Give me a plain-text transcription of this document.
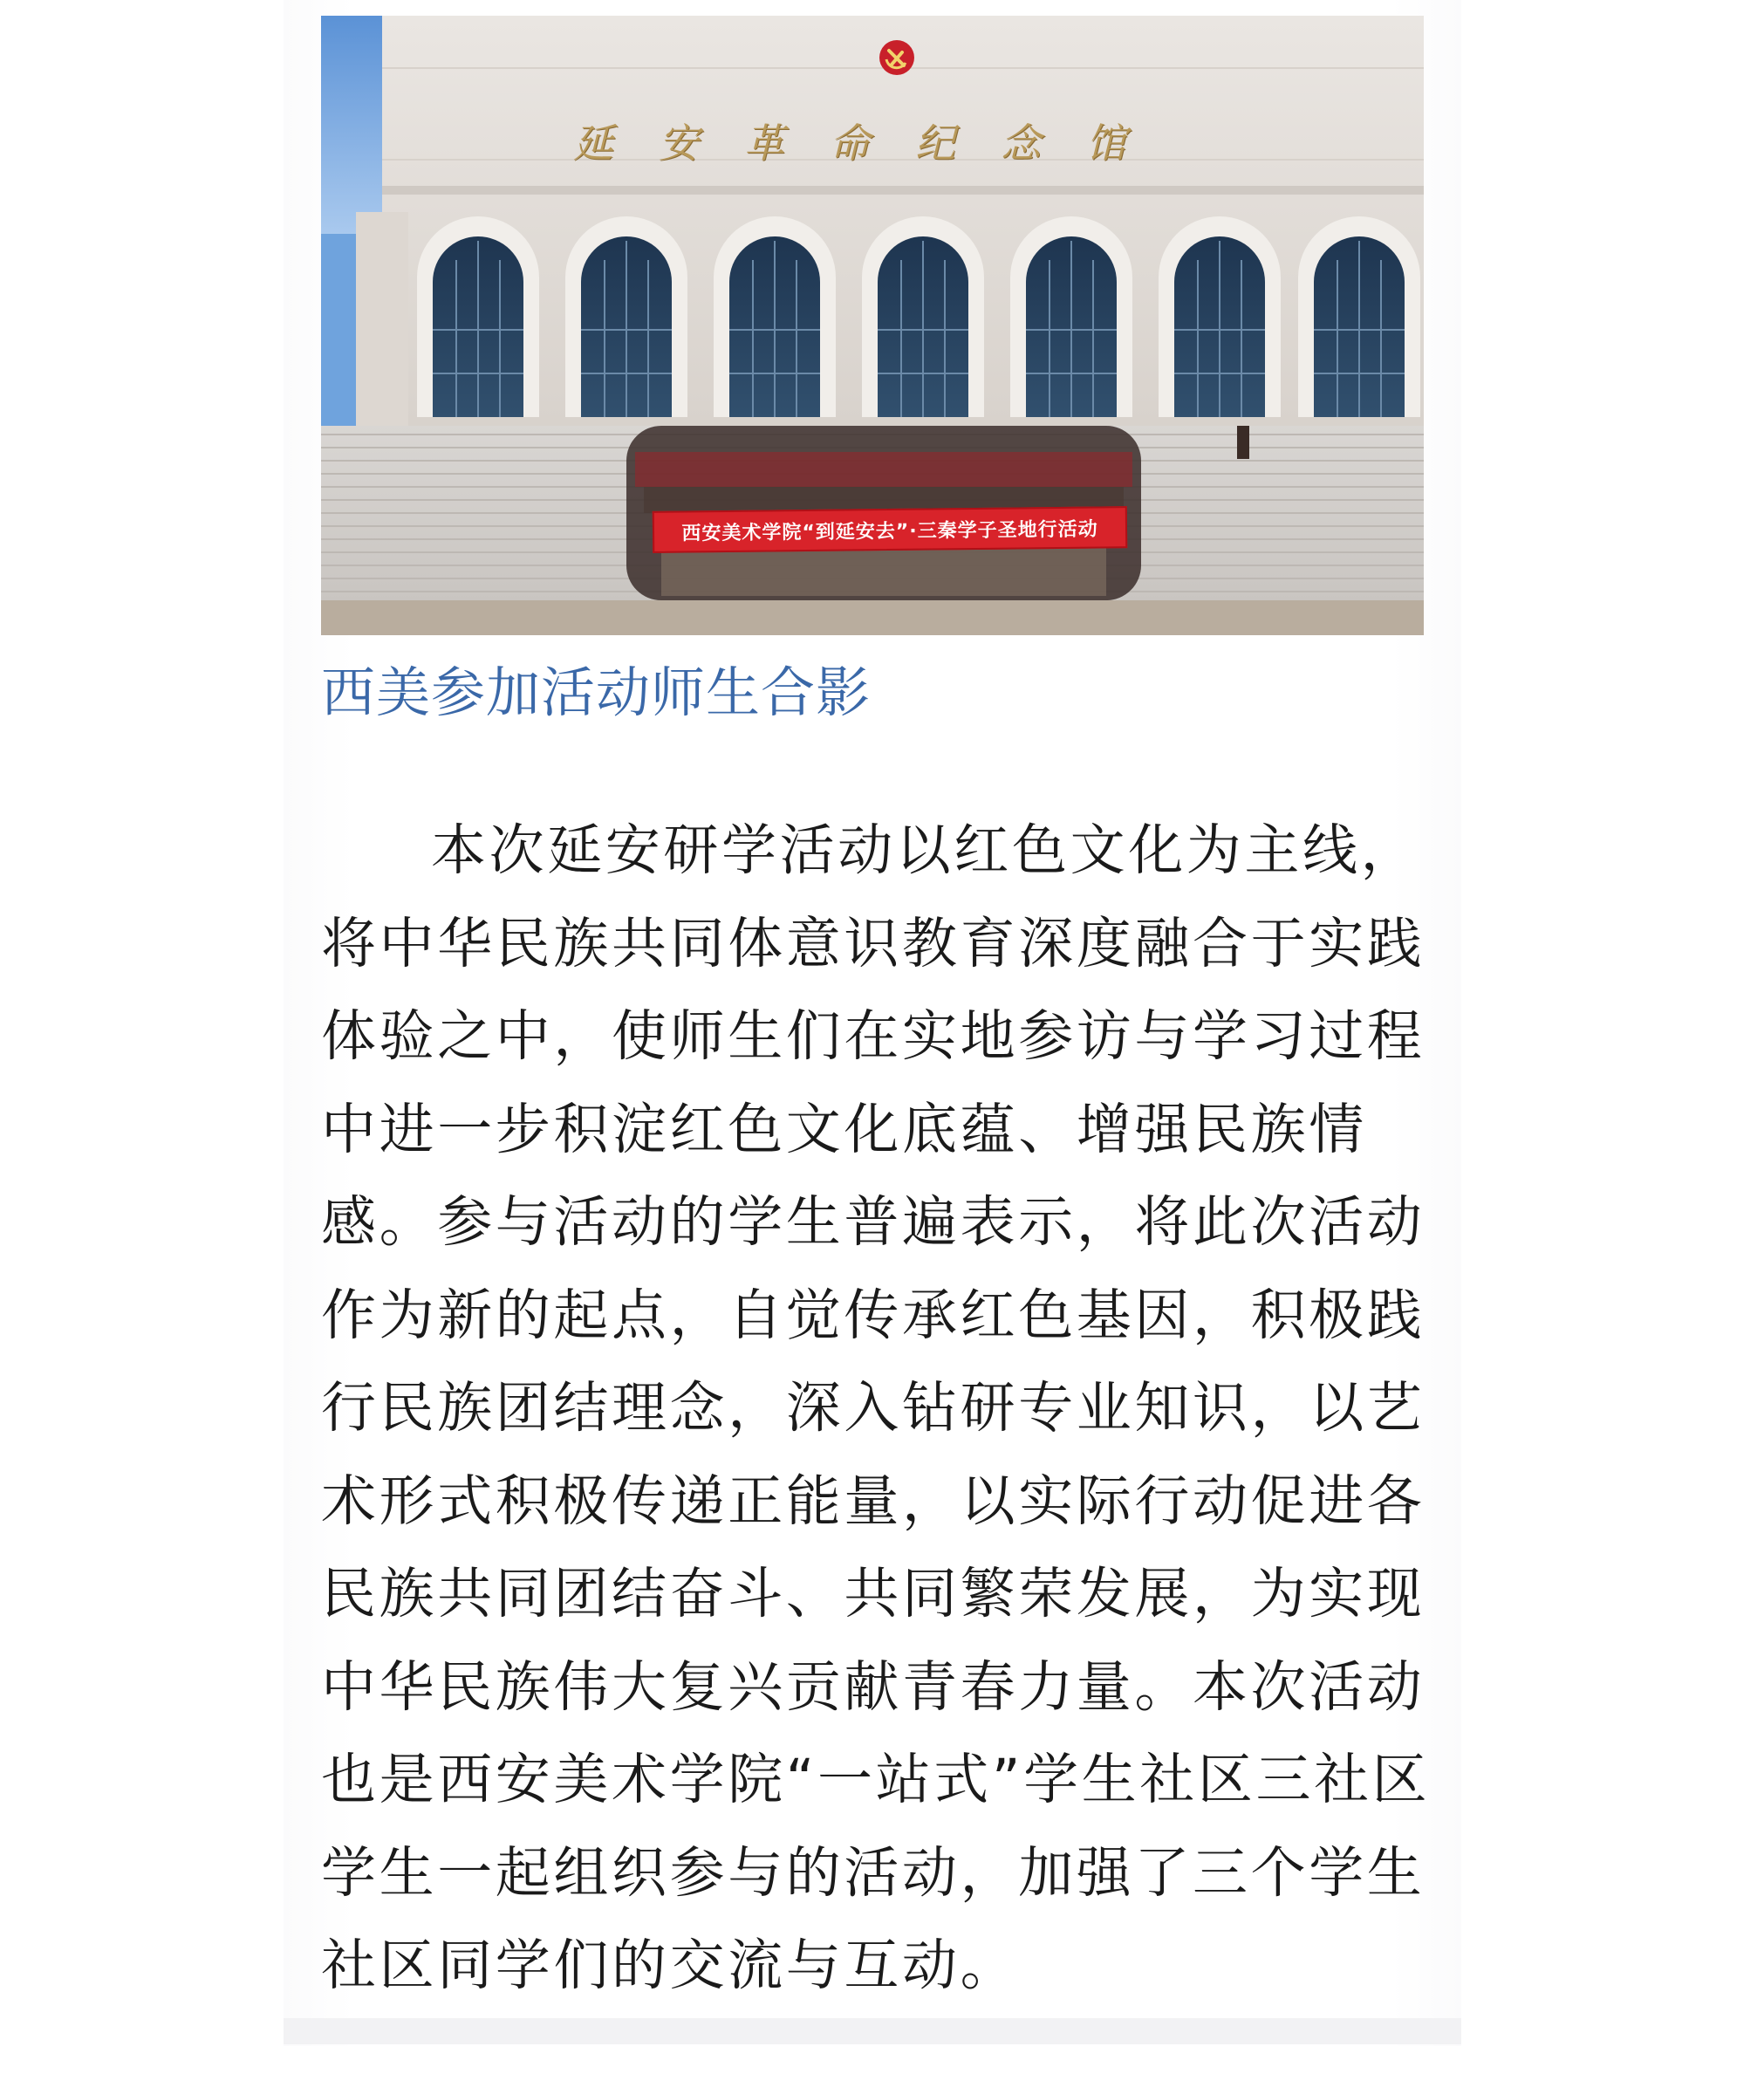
延安革命纪念馆
西安美术学院“到延安去”·三秦学子圣地行活动
西美参加活动师生合影

本次延安研学活动以红色文化为主线，
将中华民族共同体意识教育深度融合于实践
体验之中，使师生们在实地参访与学习过程
中进一步积淀红色文化底蕴、增强民族情
感。参与活动的学生普遍表示，将此次活动
作为新的起点，自觉传承红色基因，积极践
行民族团结理念，深入钻研专业知识，以艺
术形式积极传递正能量，以实际行动促进各
民族共同团结奋斗、共同繁荣发展，为实现
中华民族伟大复兴贡献青春力量。本次活动
也是西安美术学院“一站式”学生社区三社区
学生一起组织参与的活动，加强了三个学生
社区同学们的交流与互动。
